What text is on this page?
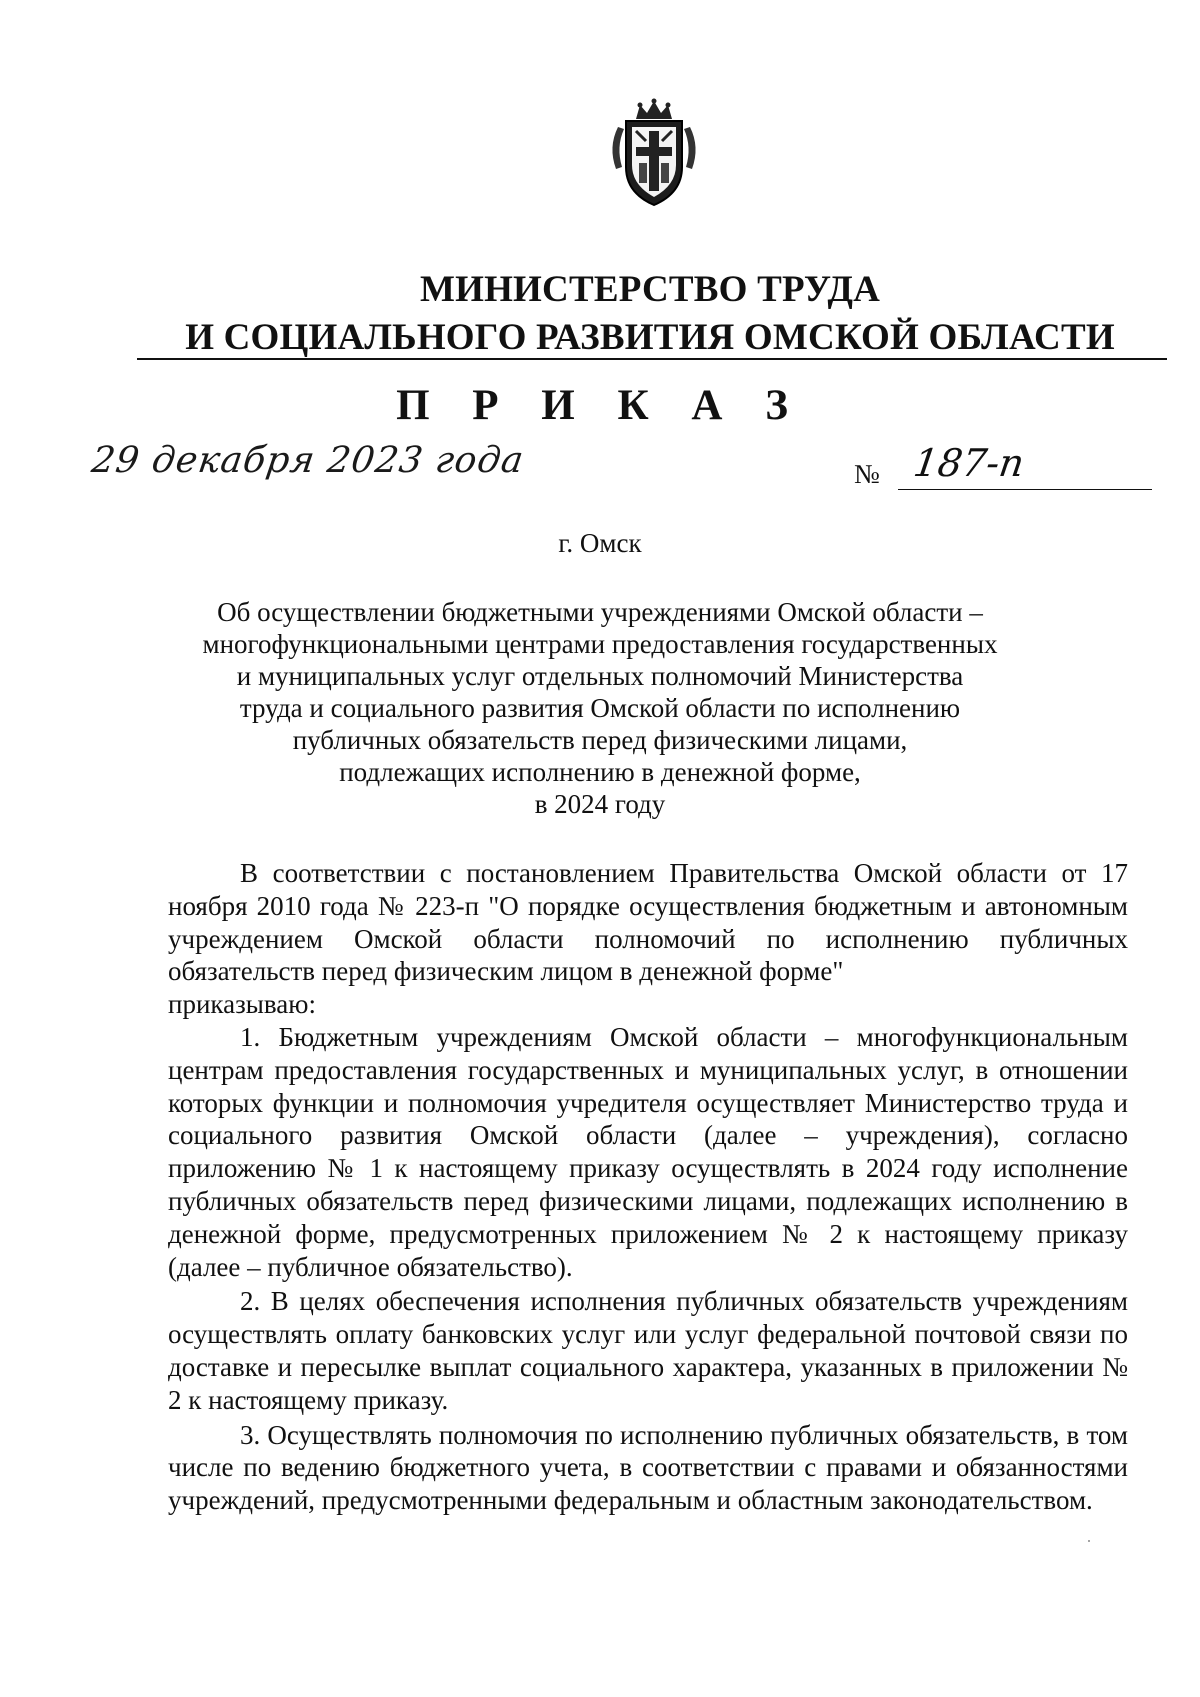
МИНИСТЕРСТВО ТРУДА
И СОЦИАЛЬНОГО РАЗВИТИЯ ОМСКОЙ ОБЛАСТИ
П Р И К А З
29 декабря 2023 года	№ 187-п
г. Омск
Об осуществлении бюджетными учреждениями Омской области –
многофункциональными центрами предоставления государственных
и муниципальных услуг отдельных полномочий Министерства
труда и социального развития Омской области по исполнению
публичных обязательств перед физическими лицами,
подлежащих исполнению в денежной форме,
в 2024 году

В соответствии с постановлением Правительства Омской области от 17 ноября 2010 года № 223-п "О порядке осуществления бюджетным и автономным учреждением Омской области полномочий по исполнению публичных обязательств перед физическим лицом в денежной форме"

приказываю:

1. Бюджетным учреждениям Омской области – многофункциональным центрам предоставления государственных и муниципальных услуг, в отношении которых функции и полномочия учредителя осуществляет Министерство труда и социального развития Омской области (далее – учреждения), согласно приложению № 1 к настоящему приказу осуществлять в 2024 году исполнение публичных обязательств перед физическими лицами, подлежащих исполнению в денежной форме, предусмотренных приложением № 2 к настоящему приказу (далее – публичное обязательство).

2. В целях обеспечения исполнения публичных обязательств учреждениям осуществлять оплату банковских услуг или услуг федеральной почтовой связи по доставке и пересылке выплат социального характера, указанных в приложении № 2 к настоящему приказу.

3. Осуществлять полномочия по исполнению публичных обязательств, в том числе по ведению бюджетного учета, в соответствии с правами и обязанностями учреждений, предусмотренными федеральным и областным законодательством.
